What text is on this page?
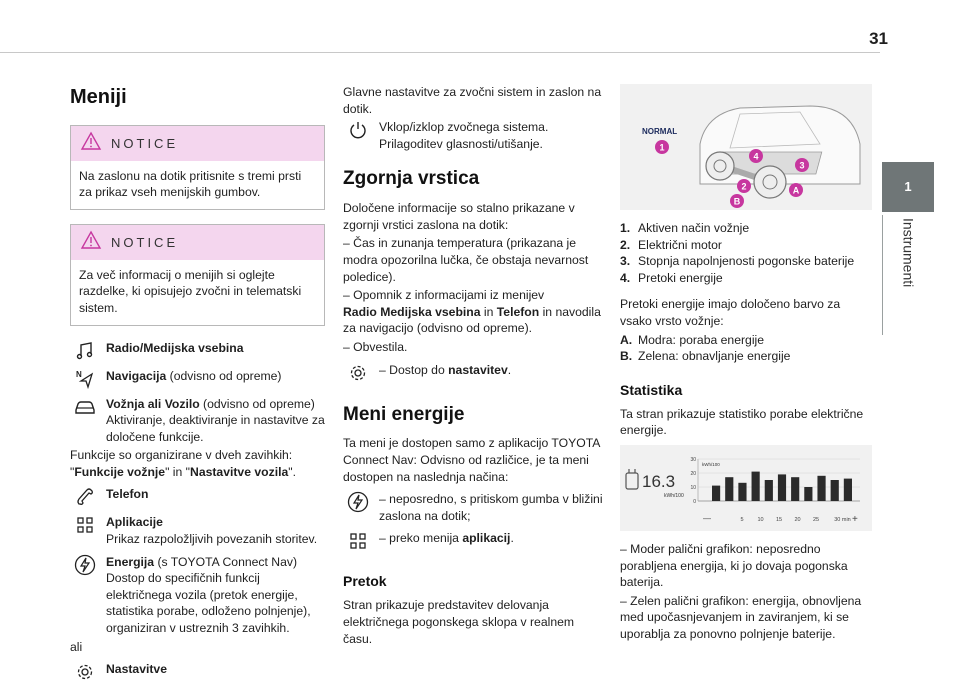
31
1
Instrumenti
Meniji
NOTICE
Na zaslonu na dotik pritisnite s tremi prsti za prikaz vseh menijskih gumbov.
NOTICE
Za več informacij o menijih si oglejte razdelke, ki opisujejo zvočni in telematski sistem.
Radio/Medijska vsebina
N Navigacija (odvisno od opreme)
Vožnja ali Vozilo (odvisno od opreme) Aktiviranje, deaktiviranje in nastavitve za določene funkcije.
Funkcije so organizirane v dveh zavihkih: "Funkcije vožnje" in "Nastavitve vozila".
Telefon
Aplikacije
Prikaz razpoložljivih povezanih storitev.
Energija (s TOYOTA Connect Nav) Dostop do specifičnih funkcij električnega vozila (pretok energije, statistika porabe, odloženo polnjenje), organiziran v ustreznih 3 zavihkih.
ali
Nastavitve
Glavne nastavitve za zvočni sistem in zaslon na dotik.
Vklop/izklop zvočnega sistema. Prilagoditev glasnosti/utišanje.
Zgornja vrstica
Določene informacije so stalno prikazane v zgornji vrstici zaslona na dotik:
– Čas in zunanja temperatura (prikazana je modra opozorilna lučka, če obstaja nevarnost poledice).
– Opomnik z informacijami iz menijev
Radio Medijska vsebina in Telefon in navodila za navigacijo (odvisno od opreme).
– Obvestila.
– Dostop do nastavitev.
Meni energije
Ta meni je dostopen samo z aplikacijo TOYOTA Connect Nav: Odvisno od različice, je ta meni dostopen na naslednja načina:
– neposredno, s pritiskom gumba v bližini zaslona na dotik;
– preko menija aplikacij.
Pretok
Stran prikazuje predstavitev delovanja električnega pogonskega sklopa v realnem času.
NORMAL
1
2
3
4
A
B
1. Aktiven način vožnje
2. Električni motor
3. Stopnja napolnjenosti pogonske baterije
4. Pretoki energije
Pretoki energije imajo določeno barvo za vsako vrsto vožnje:
A. Modra: poraba energije
B. Zelena: obnavljanje energije
Statistika
Ta stran prikazuje statistiko porabe električne energije.
16.3
kWh/100
kWh/100
30
20
10
0
—	5	10 15 20 25	30 min +
– Moder palični grafikon: neposredno porabljena energija, ki jo dovaja pogonska baterija.
– Zelen palični grafikon: energija, obnovljena med upočasnjevanjem in zaviranjem, ki se uporablja za ponovno polnjenje baterije.
